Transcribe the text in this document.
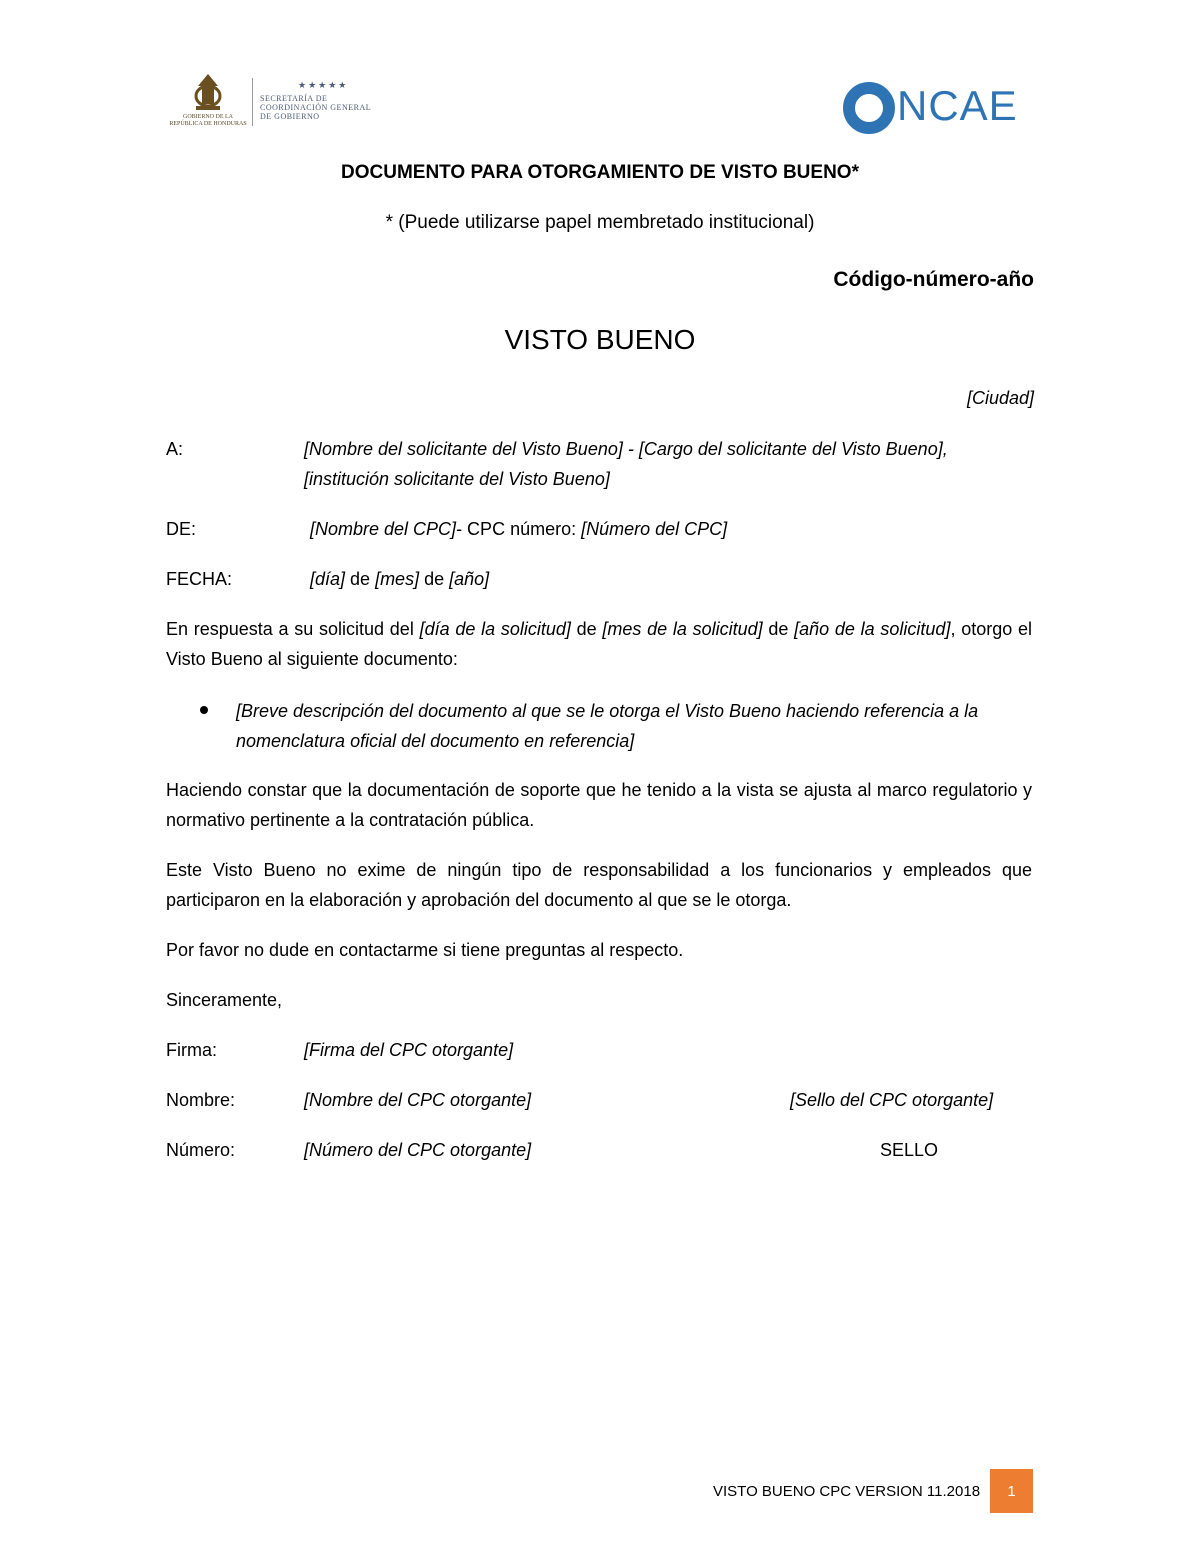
GOBIERNO DE LA REPÚBLICA DE HONDURAS
★★★★★
SECRETARÍA DE COORDINACIÓN GENERAL DE GOBIERNO	NCAE
DOCUMENTO PARA OTORGAMIENTO DE VISTO BUENO*
* (Puede utilizarse papel membretado institucional)
Código-número-año
VISTO BUENO
[Ciudad]
A:	[Nombre del solicitante del Visto Bueno] - [Cargo del solicitante del Visto Bueno],
[institución solicitante del Visto Bueno]
DE:	[Nombre del CPC]- CPC número: [Número del CPC]
FECHA:	[día] de [mes] de [año]
En respuesta a su solicitud del [día de la solicitud] de [mes de la solicitud] de [año de la solicitud], otorgo el Visto Bueno al siguiente documento:
[Breve descripción del documento al que se le otorga el Visto Bueno haciendo referencia a la nomenclatura oficial del documento en referencia]
Haciendo constar que la documentación de soporte que he tenido a la vista se ajusta al marco regulatorio y normativo pertinente a la contratación pública.
Este Visto Bueno no exime de ningún tipo de responsabilidad a los funcionarios y empleados que participaron en la elaboración y aprobación del documento al que se le otorga.
Por favor no dude en contactarme si tiene preguntas al respecto.
Sinceramente,
Firma:	[Firma del CPC otorgante]
Nombre:	[Nombre del CPC otorgante]	[Sello del CPC otorgante]
Número:	[Número del CPC otorgante]	SELLO
VISTO BUENO CPC VERSION 11.2018	1
